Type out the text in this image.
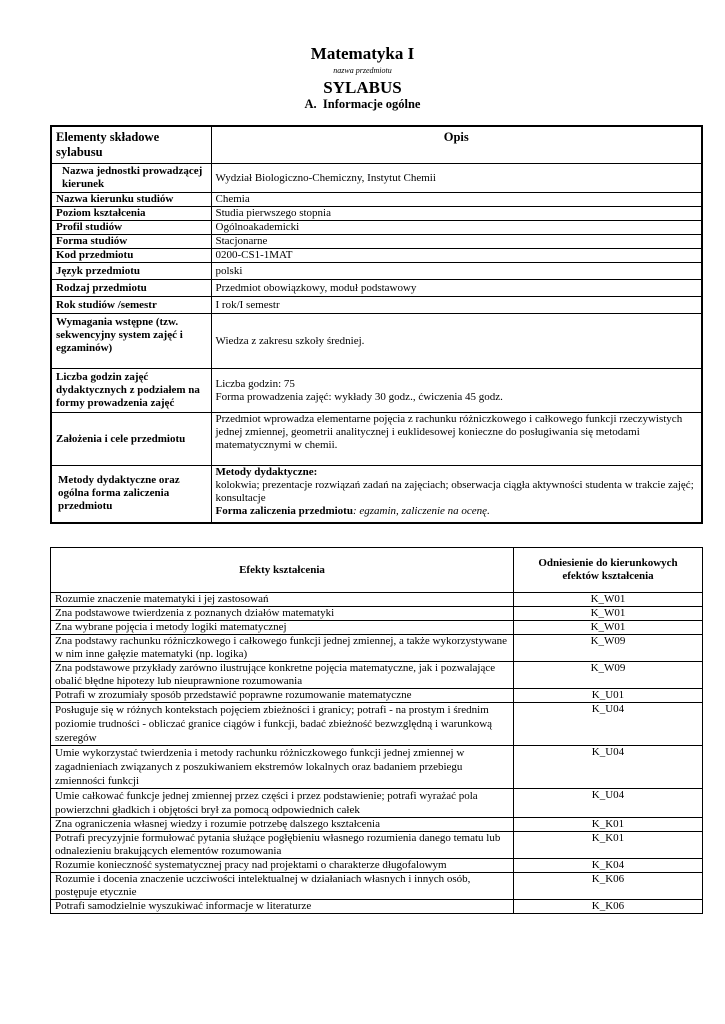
Matematyka I
nazwa przedmiotu
SYLABUS
A.  Informacje ogólne
Elementy składowe sylabusu	Opis
Nazwa jednostki prowadzącej kierunek	Wydział Biologiczno-Chemiczny, Instytut Chemii
Nazwa kierunku studiów	Chemia
Poziom kształcenia	Studia pierwszego stopnia
Profil studiów	Ogólnoakademicki
Forma studiów	Stacjonarne
Kod przedmiotu	0200-CS1-1MAT
Język przedmiotu	polski
Rodzaj przedmiotu	Przedmiot obowiązkowy, moduł podstawowy
Rok studiów /semestr	I rok/I semestr
Wymagania wstępne (tzw. sekwencyjny system zajęć i egzaminów)	Wiedza z zakresu szkoły średniej.
Liczba godzin zajęć dydaktycznych z podziałem na formy prowadzenia zajęć	Liczba godzin: 75
Forma prowadzenia zajęć: wykłady 30 godz., ćwiczenia 45 godz.

Założenia i cele przedmiotu	Przedmiot wprowadza elementarne pojęcia z rachunku różniczkowego i całkowego funkcji rzeczywistych jednej zmiennej, geometrii analitycznej i euklidesowej konieczne do posługiwania się metodami matematycznymi w chemii.
Metody dydaktyczne oraz ogólna forma zaliczenia przedmiotu	Metody dydaktyczne:
kolokwia; prezentacje rozwiązań zadań na zajęciach; obserwacja ciągła aktywności studenta w trakcie zajęć; konsultacje
Forma zaliczenia przedmiotu: egzamin, zaliczenie na ocenę.
Efekty kształcenia	Odniesienie do kierunkowych efektów kształcenia
Rozumie znaczenie matematyki i jej zastosowań	K_W01
Zna podstawowe twierdzenia z poznanych działów matematyki	K_W01
Zna wybrane pojęcia i metody logiki matematycznej	K_W01
Zna podstawy rachunku różniczkowego i całkowego funkcji jednej zmiennej, a także wykorzystywane w nim inne gałęzie matematyki (np. logika)	K_W09
Zna podstawowe przykłady zarówno ilustrujące konkretne pojęcia matematyczne, jak i pozwalające obalić błędne hipotezy lub nieuprawnione rozumowania	K_W09
Potrafi w zrozumiały sposób przedstawić poprawne rozumowanie matematyczne	K_U01
Posługuje się w różnych kontekstach pojęciem zbieżności i granicy; potrafi - na prostym i średnim poziomie trudności - obliczać granice ciągów i funkcji, badać zbieżność bezwzględną i warunkową szeregów	K_U04
Umie wykorzystać twierdzenia i metody rachunku różniczkowego funkcji jednej zmiennej w zagadnieniach związanych z poszukiwaniem ekstremów lokalnych oraz badaniem przebiegu zmienności funkcji	K_U04
Umie całkować funkcje jednej zmiennej przez części i przez podstawienie; potrafi wyrażać pola powierzchni gładkich i objętości brył za pomocą odpowiednich całek	K_U04
Zna ograniczenia własnej wiedzy i rozumie potrzebę dalszego kształcenia	K_K01
Potrafi precyzyjnie formułować pytania służące pogłębieniu własnego rozumienia danego tematu lub odnalezieniu brakujących elementów rozumowania	K_K01
Rozumie konieczność systematycznej pracy nad projektami o charakterze długofalowym	K_K04
Rozumie i docenia znaczenie uczciwości intelektualnej w działaniach własnych i innych osób, postępuje etycznie	K_K06
Potrafi samodzielnie wyszukiwać informacje w literaturze	K_K06
